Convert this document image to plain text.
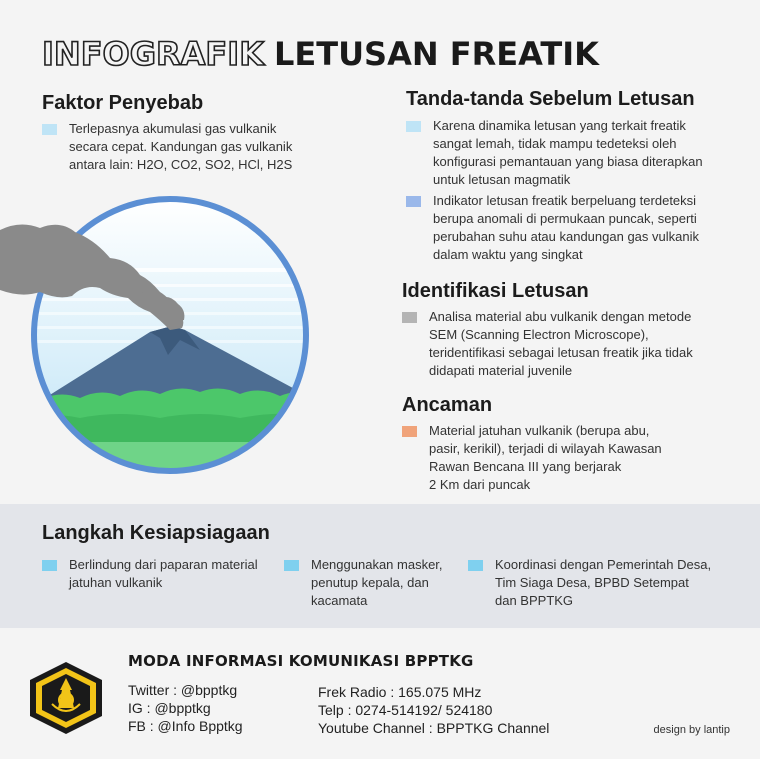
INFOGRAFIK LETUSAN FREATIK
Faktor Penyebab

Terlepasnya akumulasi gas vulkanik
secara cepat. Kandungan gas vulkanik
antara lain: H2O, CO2, SO2, HCl, H2S

Tanda-tanda Sebelum Letusan

Karena dinamika letusan yang terkait freatik
sangat lemah, tidak mampu tedeteksi oleh
konfigurasi pemantauan yang biasa diterapkan
untuk letusan magmatik

Indikator letusan freatik berpeluang terdeteksi
berupa anomali di permukaan puncak, seperti
perubahan suhu atau kandungan gas vulkanik
dalam waktu yang singkat

Identifikasi Letusan

Analisa material abu vulkanik dengan metode
SEM (Scanning Electron Microscope),
teridentifikasi sebagai letusan freatik jika tidak
didapati material juvenile

Ancaman

Material jatuhan vulkanik (berupa abu,
pasir, kerikil), terjadi di wilayah Kawasan
Rawan Bencana III yang berjarak
2 Km dari puncak

Langkah Kesiapsiagaan

Berlindung dari paparan material
jatuhan vulkanik

Menggunakan masker,
penutup kepala, dan
kacamata

Koordinasi dengan Pemerintah Desa,
Tim Siaga Desa, BPBD Setempat
dan BPPTKG

MODA INFORMASI KOMUNIKASI BPPTKG
Twitter : @bpptkg
IG : @bpptkg
FB : @Info Bpptkg
Frek Radio : 165.075 MHz
Telp : 0274-514192/ 524180
Youtube Channel : BPPTKG Channel	design by lantip
